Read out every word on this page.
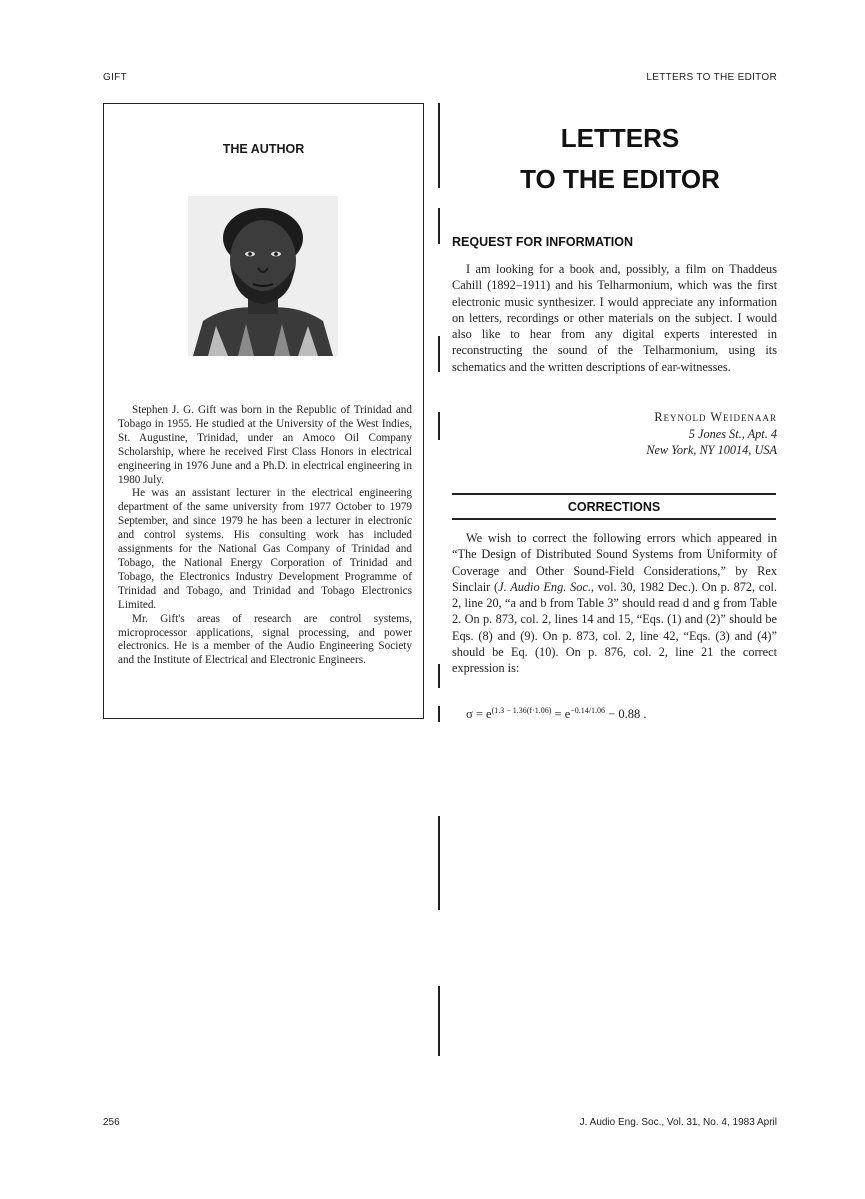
GIFT	LETTERS TO THE EDITOR
THE AUTHOR

Stephen J. G. Gift was born in the Republic of Trinidad and Tobago in 1955. He studied at the University of the West Indies, St. Augustine, Trinidad, under an Amoco Oil Company Scholarship, where he received First Class Honors in electrical engineering in 1976 June and a Ph.D. in electrical engineering in 1980 July.

He was an assistant lecturer in the electrical engineering department of the same university from 1977 October to 1979 September, and since 1979 he has been a lecturer in electronic and control systems. His consulting work has included assignments for the National Gas Company of Trinidad and Tobago, the National Energy Corporation of Trinidad and Tobago, the Electronics Industry Development Programme of Trinidad and Tobago, and Trinidad and Tobago Electronics Limited.

Mr. Gift's areas of research are control systems, microprocessor applications, signal processing, and power electronics. He is a member of the Audio Engineering Society and the Institute of Electrical and Electronic Engineers.

LETTERS
TO THE EDITOR
REQUEST FOR INFORMATION

I am looking for a book and, possibly, a film on Thaddeus Cahill (1892–1911) and his Telharmonium, which was the first electronic music synthesizer. I would appreciate any information on letters, recordings or other materials on the subject. I would also like to hear from any digital experts interested in reconstructing the sound of the Telharmonium, using its schematics and the written descriptions of ear-witnesses.

Reynold Weidenaar
5 Jones St., Apt. 4
New York, NY 10014, USA
CORRECTIONS

We wish to correct the following errors which appeared in “The Design of Distributed Sound Systems from Uniformity of Coverage and Other Sound-Field Considerations,” by Rex Sinclair (J. Audio Eng. Soc., vol. 30, 1982 Dec.). On p. 872, col. 2, line 20, “a and b from Table 3” should read d and g from Table 2. On p. 873, col. 2, lines 14 and 15, “Eqs. (1) and (2)” should be Eqs. (8) and (9). On p. 873, col. 2, line 42, “Eqs. (3) and (4)” should be Eq. (10). On p. 876, col. 2, line 21 the correct expression is:

$\sigma = e^{(1.3 - 1.36(f\cdot 1.06)} = e^{-0.14/1.06} - 0.88$ .
256	J. Audio Eng. Soc., Vol. 31, No. 4, 1983 April
